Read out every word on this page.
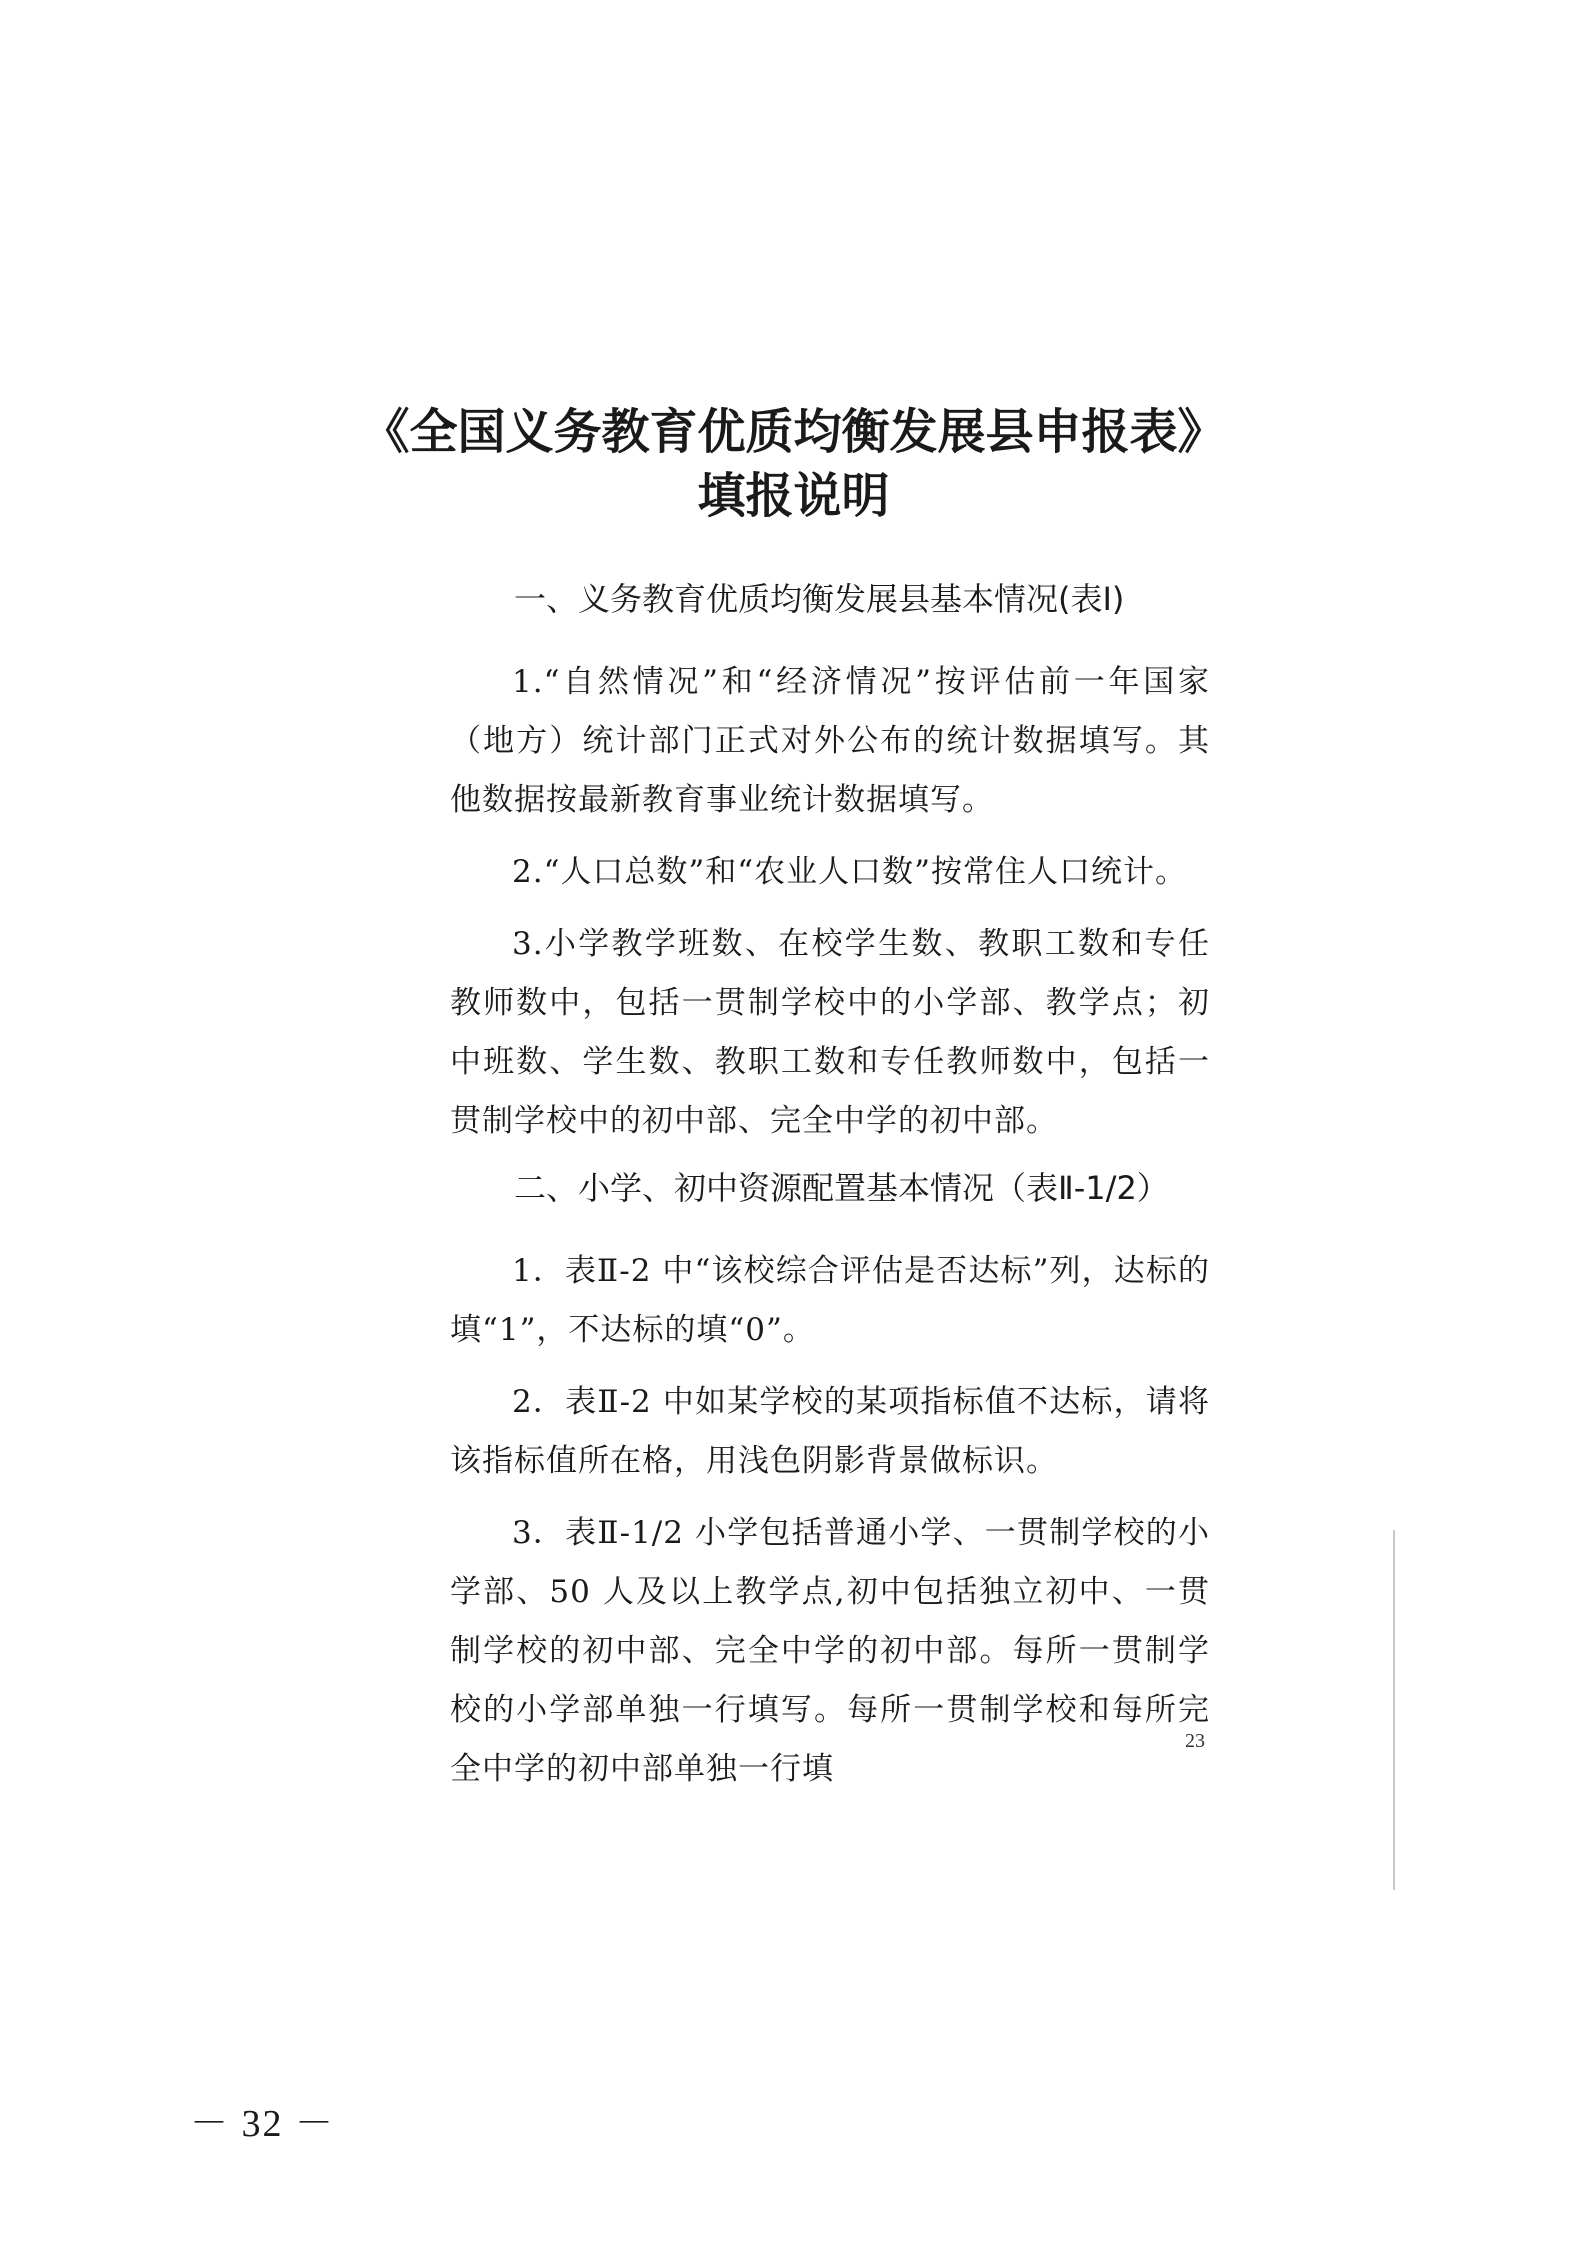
《全国义务教育优质均衡发展县申报表》

填报说明

一、义务教育优质均衡发展县基本情况(表Ⅰ)

1.“自然情况”和“经济情况”按评估前一年国家（地方）统计部门正式对外公布的统计数据填写。其他数据按最新教育事业统计数据填写。

2.“人口总数”和“农业人口数”按常住人口统计。

3.小学教学班数、在校学生数、教职工数和专任教师数中，包括一贯制学校中的小学部、教学点；初中班数、学生数、教职工数和专任教师数中，包括一贯制学校中的初中部、完全中学的初中部。

二、小学、初中资源配置基本情况（表Ⅱ-1/2）

1．表Ⅱ-2 中“该校综合评估是否达标”列，达标的填“1”，不达标的填“0”。

2．表Ⅱ-2 中如某学校的某项指标值不达标，请将该指标值所在格，用浅色阴影背景做标识。

3．表Ⅱ-1/2 小学包括普通小学、一贯制学校的小学部、50 人及以上教学点,初中包括独立初中、一贯制学校的初中部、完全中学的初中部。每所一贯制学校的小学部单独一行填写。每所一贯制学校和每所完全中学的初中部单独一行填

23
－ 32 －
